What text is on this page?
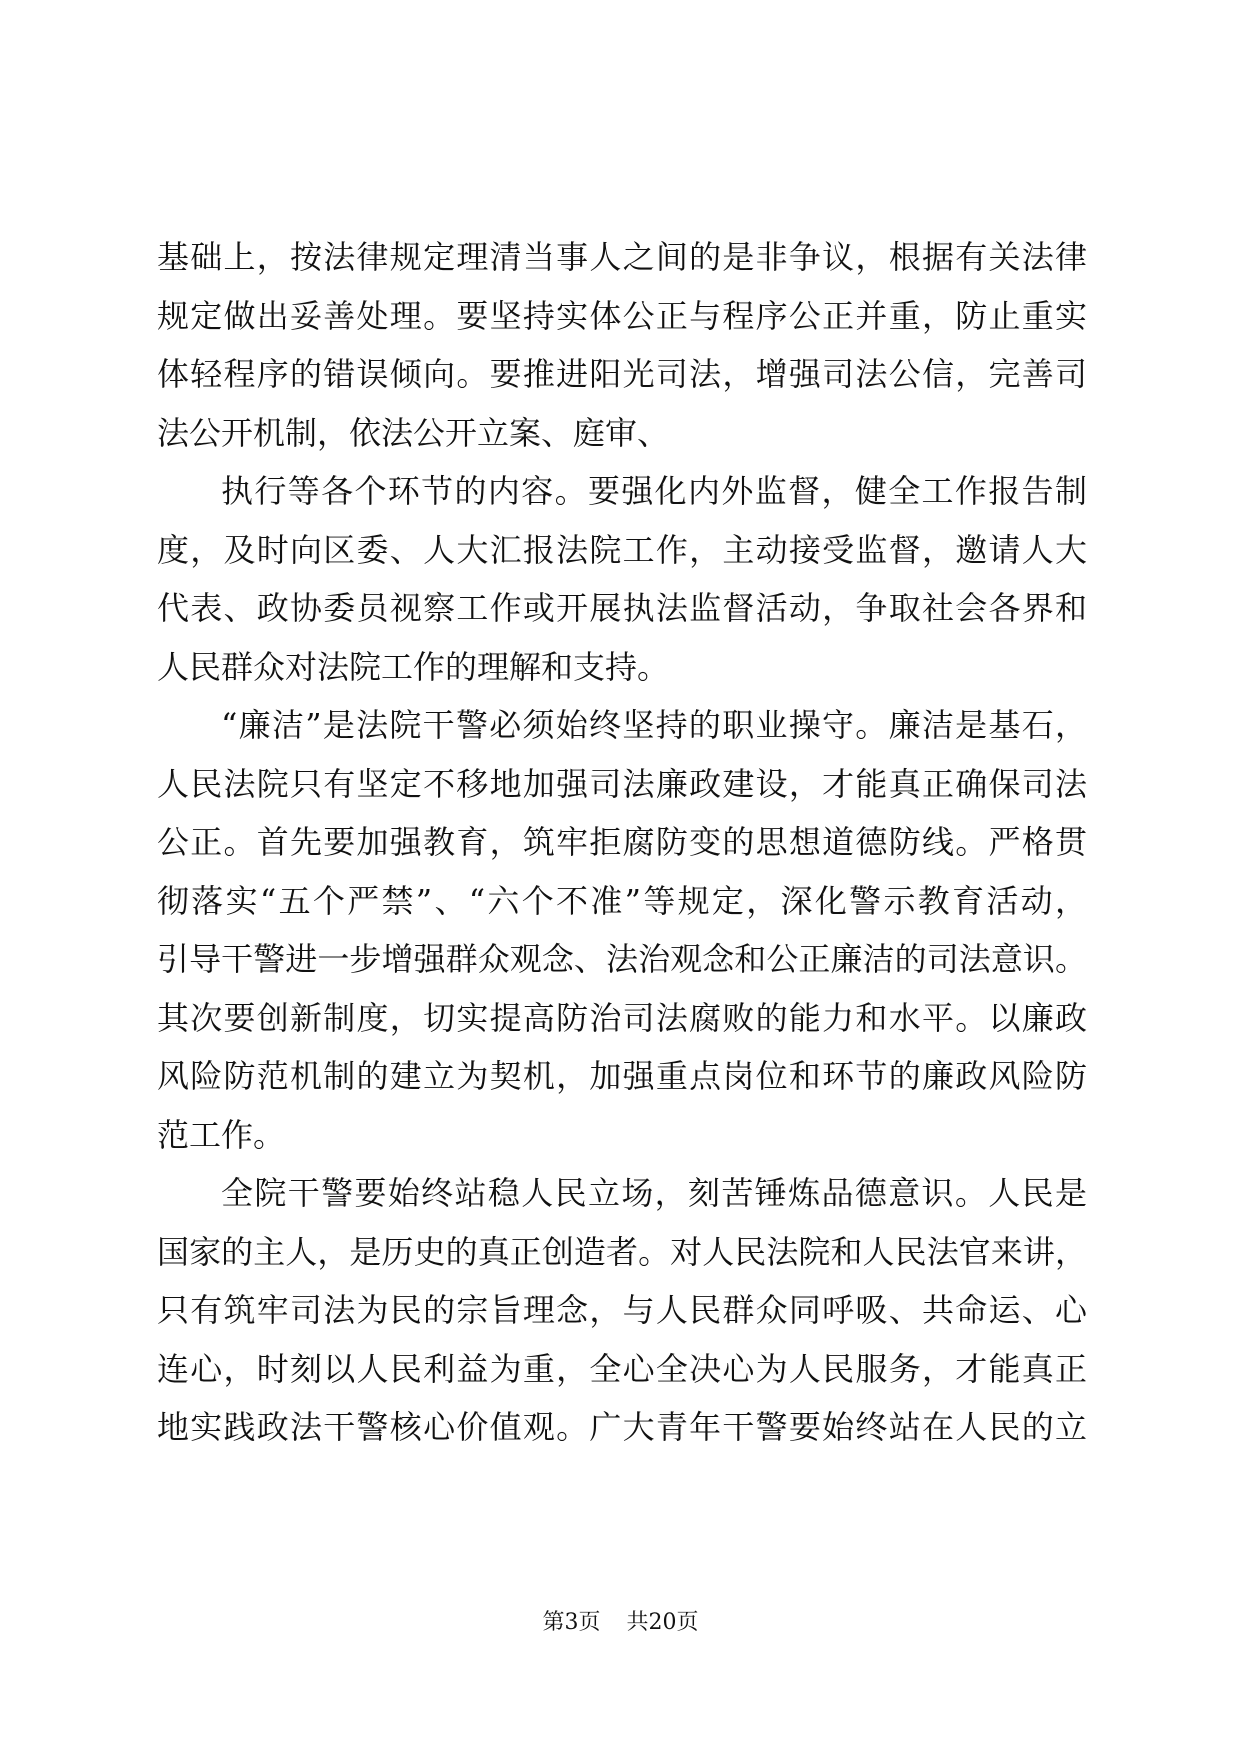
基础上，按法律规定理清当事人之间的是非争议，根据有关法律
规定做出妥善处理。要坚持实体公正与程序公正并重，防止重实
体轻程序的错误倾向。要推进阳光司法，增强司法公信，完善司
法公开机制，依法公开立案、庭审、
执行等各个环节的内容。要强化内外监督，健全工作报告制
度，及时向区委、人大汇报法院工作，主动接受监督，邀请人大
代表、政协委员视察工作或开展执法监督活动，争取社会各界和
人民群众对法院工作的理解和支持。
“廉洁”是法院干警必须始终坚持的职业操守。廉洁是基石，
人民法院只有坚定不移地加强司法廉政建设，才能真正确保司法
公正。首先要加强教育，筑牢拒腐防变的思想道德防线。严格贯
彻落实“五个严禁”、“六个不准”等规定，深化警示教育活动，
引导干警进一步增强群众观念、法治观念和公正廉洁的司法意识。
其次要创新制度，切实提高防治司法腐败的能力和水平。以廉政
风险防范机制的建立为契机，加强重点岗位和环节的廉政风险防
范工作。
全院干警要始终站稳人民立场，刻苦锤炼品德意识。人民是
国家的主人，是历史的真正创造者。对人民法院和人民法官来讲，
只有筑牢司法为民的宗旨理念，与人民群众同呼吸、共命运、心
连心，时刻以人民利益为重，全心全决心为人民服务，才能真正
地实践政法干警核心价值观。广大青年干警要始终站在人民的立
第3页 共20页
